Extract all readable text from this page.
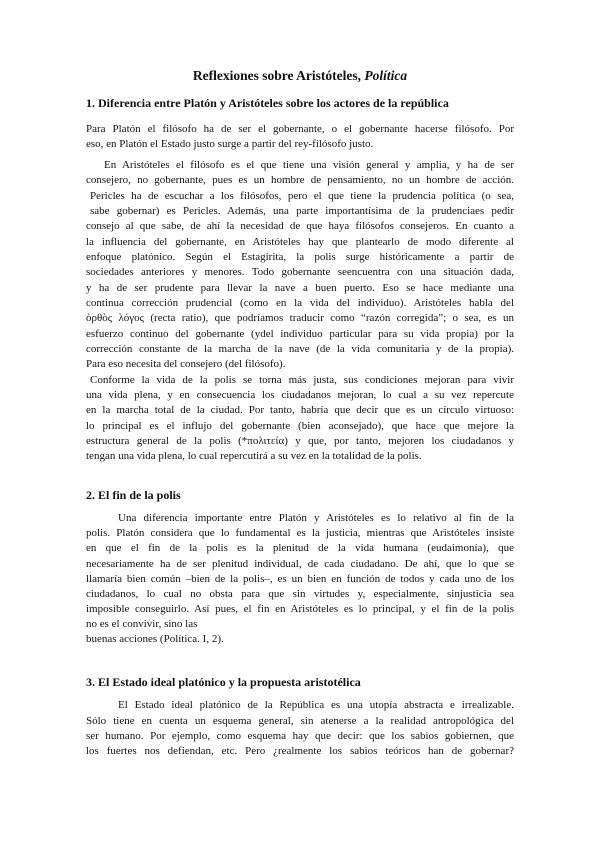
Reflexiones sobre Aristóteles, Política
1. Diferencia entre Platón y Aristóteles sobre los actores de la república
Para Platón el filósofo ha de ser el gobernante, o el gobernante hacerse filósofo. Por
eso, en Platón el Estado justo surge a partir del rey-filósofo justo.
En Aristóteles el filósofo es el que tiene una visión general y amplia, y ha de ser
consejero, no gobernante, pues es un hombre de pensamiento, no un hombre de acción.
Pericles ha de escuchar a los filósofos, pero el que tiene la prudencia política (o sea,
sabe gobernar) es Pericles. Además, una parte importantísima de la prudenciaes pedir
consejo al que sabe, de ahí la necesidad de que haya filósofos consejeros. En cuanto a
la influencia del gobernante, en Aristóteles hay que plantearlo de modo diferente al
enfoque platónico. Según el Estagirita, la polis surge históricamente a partir de
sociedades anteriores y menores. Todo gobernante seencuentra con una situación dada,
y ha de ser prudente para llevar la nave a buen puerto. Eso se hace mediante una
continua corrección prudencial (como en la vida del individuo). Aristóteles habla del
ὀρθὸς λόγος (recta ratio), que podríamos traducir como “razón corregida”; o sea, es un
esfuerzo continuo del gobernante (ydel individuo particular para su vida propia) por la
corrección constante de la marcha de la nave (de la vida comunitaria y de la propia).
Para eso necesita del consejero (del filósofo).
Conforme la vida de la polis se torna más justa, sus condiciones mejoran para vivir
una vida plena, y en consecuencia los ciudadanos mejoran, lo cual a su vez repercute
en la marcha total de la ciudad. Por tanto, habría que decir que es un círculo virtuoso:
lo principal es el influjo del gobernante (bien aconsejado), que hace que mejore la
estructura general de la polis (*πολιτεία) y que, por tanto, mejoren los ciudadanos y
tengan una vida plena, lo cual repercutirá a su vez en la totalidad de la polis.
2. El fin de la polis
Una diferencia importante entre Platón y Aristóteles es lo relativo al fin de la
polis. Platón considera que lo fundamental es la justicia, mientras que Aristóteles insiste
en que el fin de la polis es la plenitud de la vida humana (eudaimonía), que
necesariamente ha de ser plenitud individual, de cada ciudadano. De ahí, que lo que se
llamaría bien común –bien de la polis–, es un bien en función de todos y cada uno de los
ciudadanos, lo cual no obsta para que sin virtudes y, especialmente, sinjusticia sea
imposible conseguirlo. Así pues, el fin en Aristóteles es lo principal, y el fin de la polis
no es el convivir, sino las
buenas acciones (Política. I, 2).
3. El Estado ideal platónico y la propuesta aristotélica
El Estado ideal platónico de la República es una utopía abstracta e irrealizable.
Sólo tiene en cuenta un esquema general, sin atenerse a la realidad antropológica del
ser humano. Por ejemplo, como esquema hay que decir: que los sabios gobiernen, que
los fuertes nos defiendan, etc. Pero ¿realmente los sabios teóricos han de gobernar?
